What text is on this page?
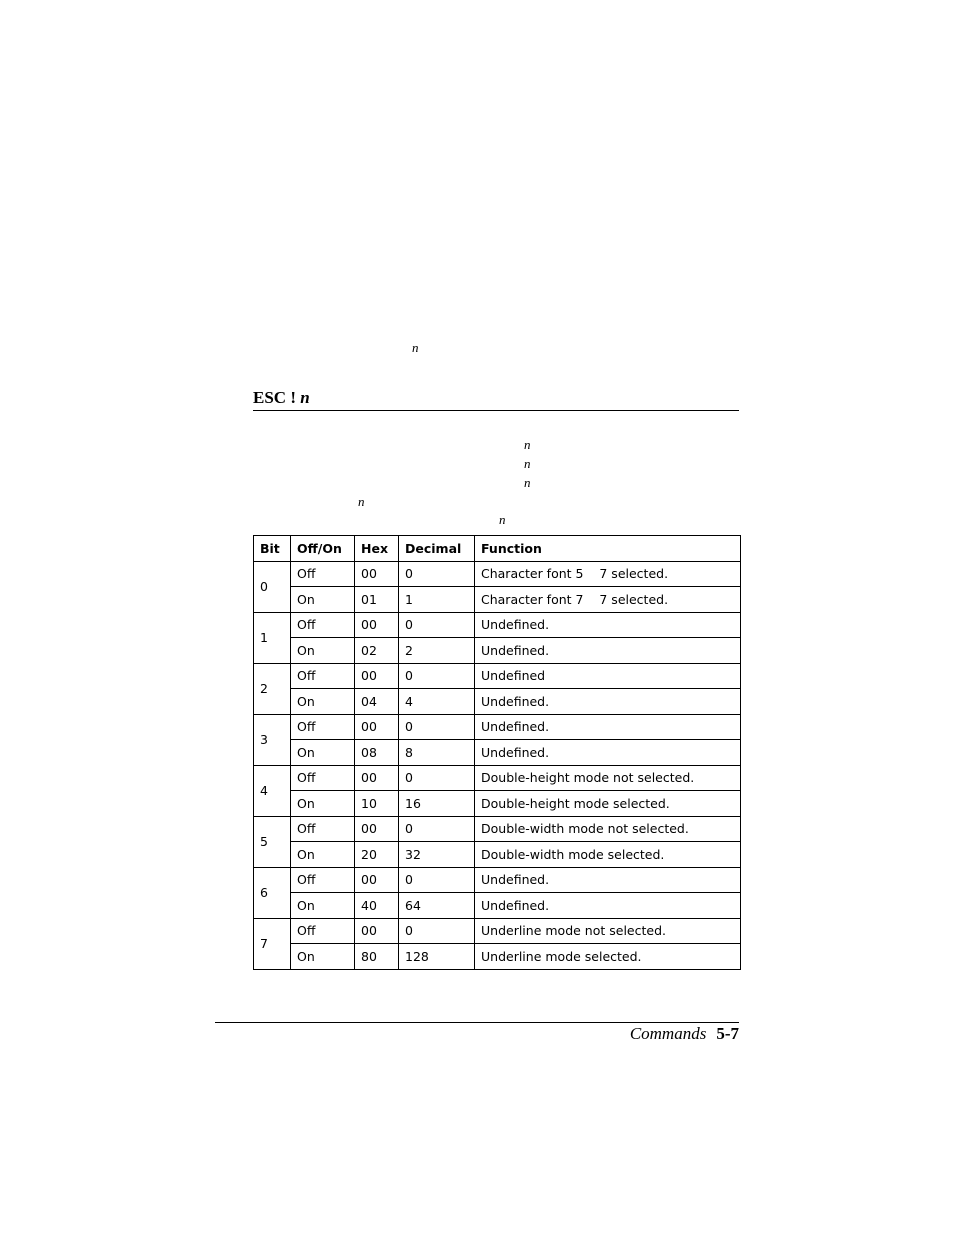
n
ESC ! n
n
n
n
n
n
Bit	Off/On	Hex	Decimal	Function
0	Off	00	0	Character font 5    7 selected.
	On	01	1	Character font 7    7 selected.
1	Off	00	0	Undefined.
	On	02	2	Undefined.
2	Off	00	0	Undefined
	On	04	4	Undefined.
3	Off	00	0	Undefined.
	On	08	8	Undefined.
4	Off	00	0	Double-height mode not selected.
	On	10	16	Double-height mode selected.
5	Off	00	0	Double-width mode not selected.
	On	20	32	Double-width mode selected.
6	Off	00	0	Undefined.
	On	40	64	Undefined.
7	Off	00	0	Underline mode not selected.
	On	80	128	Underline mode selected.
Commands 5-7
